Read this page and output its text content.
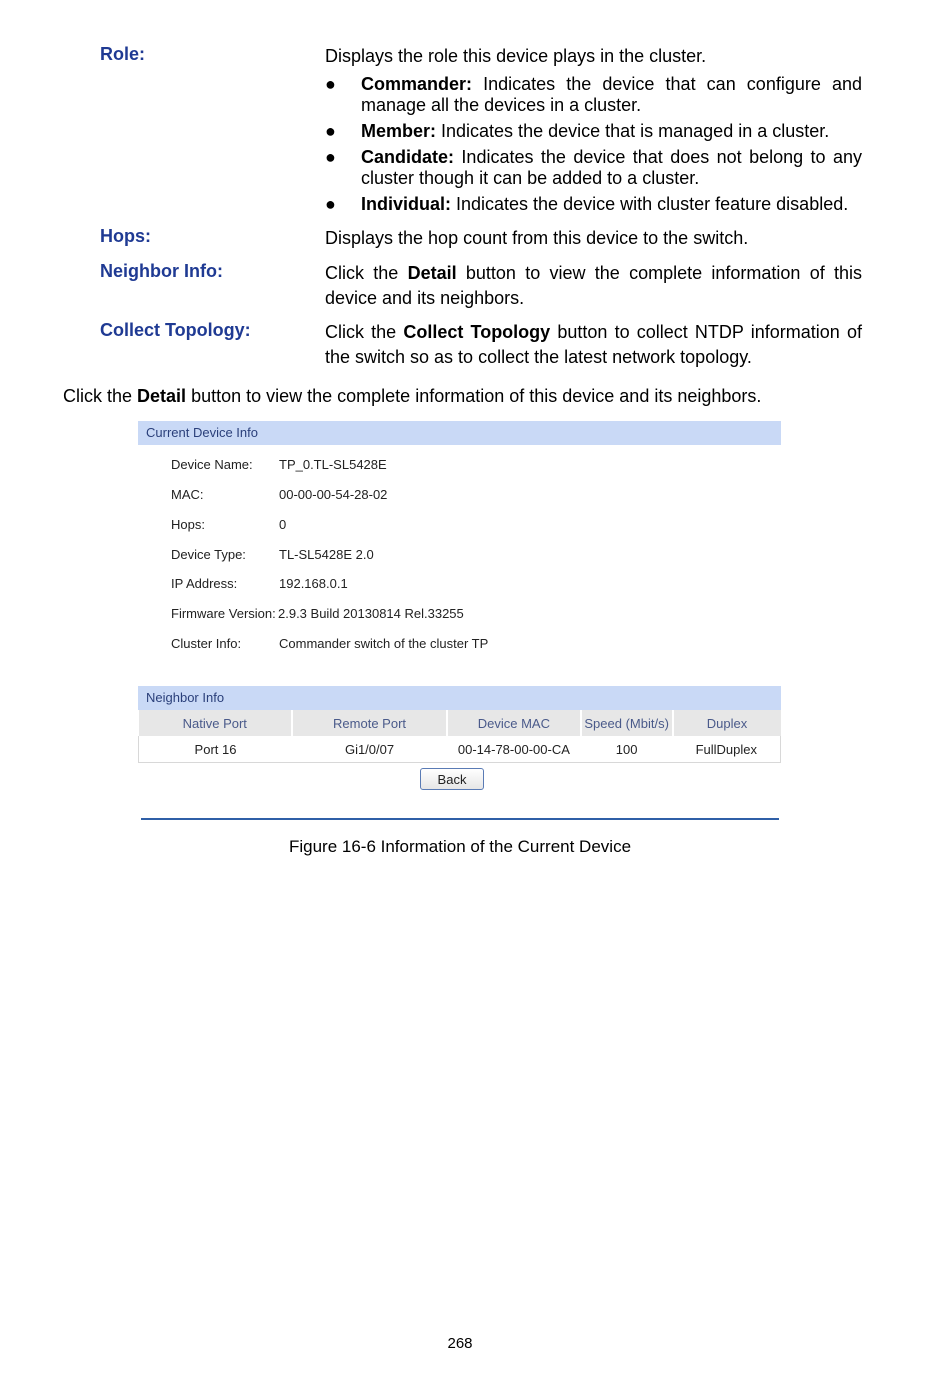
Role:	Displays the role this device plays in the cluster.
● Commander: Indicates the device that can configure and manage all the devices in a cluster.
● Member: Indicates the device that is managed in a cluster.
● Candidate: Indicates the device that does not belong to any cluster though it can be added to a cluster.
● Individual: Indicates the device with cluster feature disabled.
Hops:	Displays the hop count from this device to the switch.
Neighbor Info:	Click the Detail button to view the complete information of this device and its neighbors.
Collect Topology:	Click the Collect Topology button to collect NTDP information of the switch so as to collect the latest network topology.
Click the Detail button to view the complete information of this device and its neighbors.
Current Device Info
Device Name:	TP_0.TL-SL5428E
MAC:	00-00-00-54-28-02
Hops:	0
Device Type:	TL-SL5428E 2.0
IP Address:	192.168.0.1
Firmware Version: 2.9.3 Build 20130814 Rel.33255
Cluster Info:	Commander switch of the cluster TP
Neighbor Info
Native Port	Remote Port	Device MAC	Speed (Mbit/s)	Duplex
Port 16	Gi1/0/07	00-14-78-00-00-CA	100	FullDuplex
Back
Figure 16-6 Information of the Current Device
268
